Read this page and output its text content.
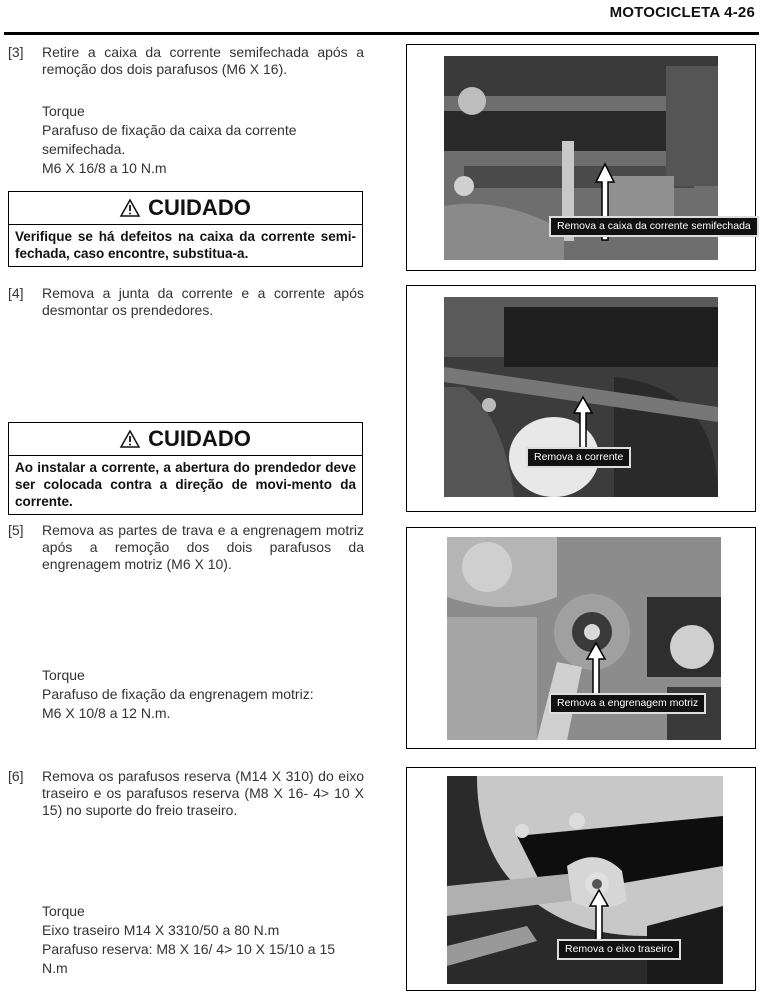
MOTOCICLETA 4-26
[3] Retire a caixa da corrente semifechada após a remoção dos dois parafusos (M6 X 16).
Torque
Parafuso de fixação da caixa da corrente semifechada.
M6 X 16/8 a 10 N.m
CUIDADO
Verifique se há defeitos na caixa da corrente semi-fechada, caso encontre, substitua-a.
[4] Remova a junta da corrente e a corrente após desmontar os prendedores.
CUIDADO
Ao instalar a corrente, a abertura do prendedor deve ser colocada contra a direção de movi-mento da corrente.
[5] Remova as partes de trava e a engrenagem motriz após a remoção dos dois parafusos da engrenagem motriz (M6 X 10).
Torque
Parafuso de fixação da engrenagem motriz:
M6 X 10/8 a 12 N.m.
[6] Remova os parafusos reserva (M14 X 310) do eixo traseiro e os parafusos reserva (M8 X 16- 4> 10 X 15) no suporte do freio traseiro.
Torque
Eixo traseiro M14 X 3310/50 a 80 N.m
Parafuso reserva: M8 X 16/ 4> 10 X 15/10 a 15 N.m
Remova a caixa da corrente semifechada
Remova a corrente
Remova a engrenagem motriz
Remova o eixo traseiro
